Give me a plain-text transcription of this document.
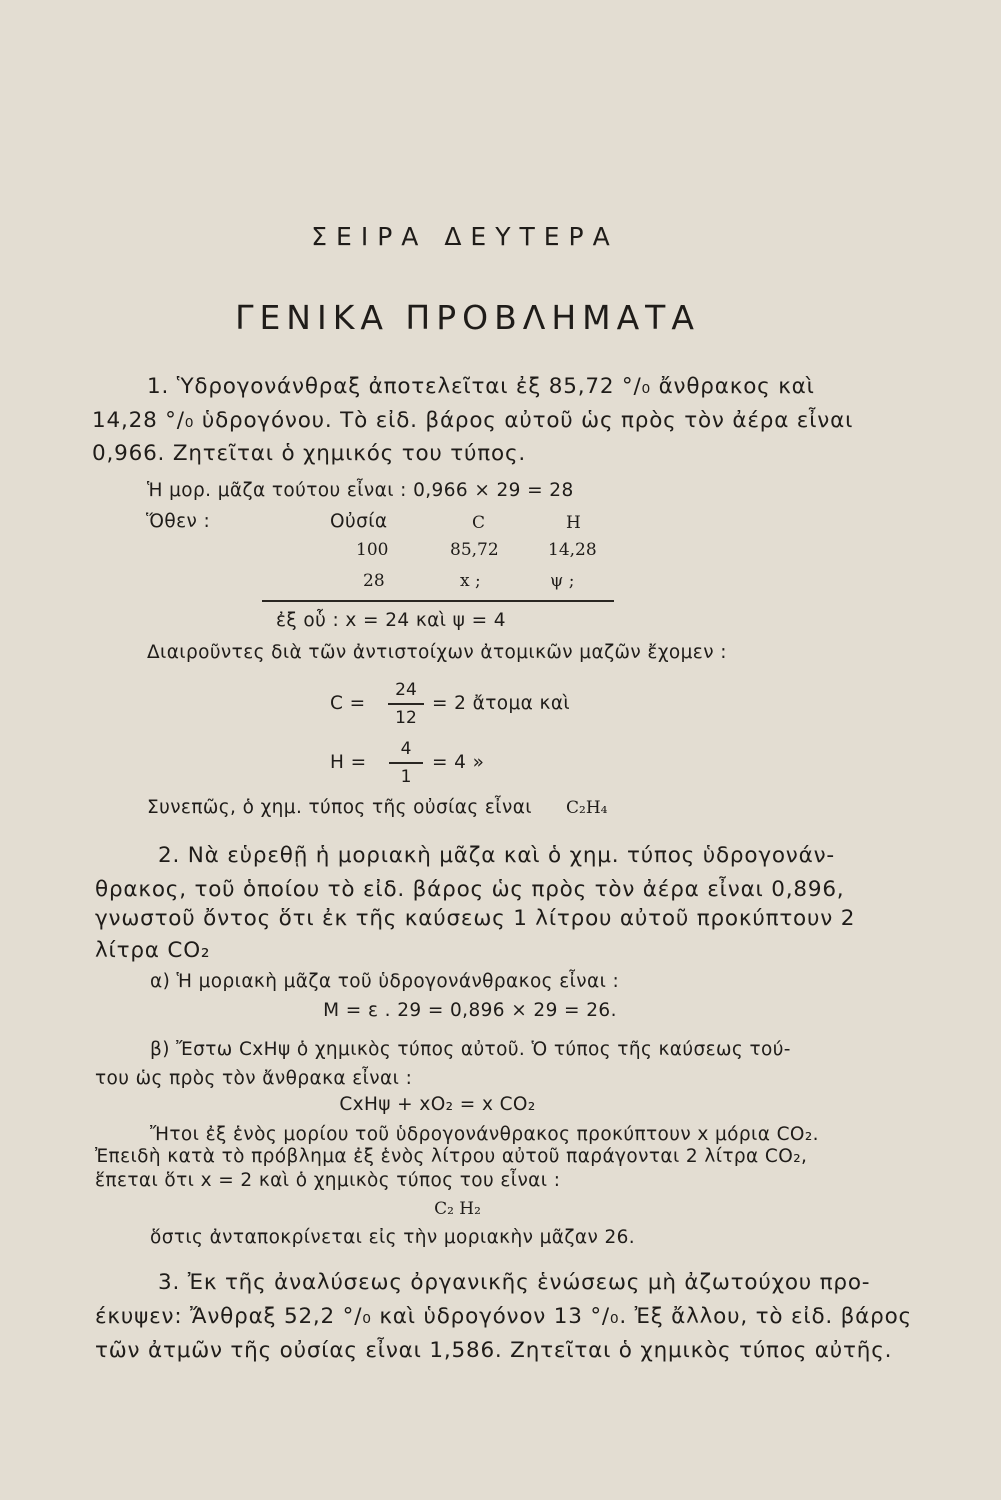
ΣΕΙΡΑ ΔΕΥΤΕΡΑ
ΓΕΝΙΚΑ ΠΡΟΒΛΗΜΑΤΑ
1. Ὑδρογονάνθραξ ἀποτελεῖται ἐξ 85,72 °/₀ ἄνθρακος καὶ
14,28 °/₀ ὑδρογόνου. Τὸ εἰδ. βάρος αὐτοῦ ὡς πρὸς τὸν ἀέρα εἶναι
0,966. Ζητεῖται ὁ χημικός του τύπος.
Ἡ μορ. μᾶζα τούτου εἶναι : 0,966 × 29 = 28
Ὅθεν :	Οὐσία	C	H
100	85,72	14,28
28	x ;	ψ ;
ἐξ οὗ : x = 24 καὶ ψ = 4
Διαιροῦντες διὰ τῶν ἀντιστοίχων ἀτομικῶν μαζῶν ἔχομεν :
C =
24
12
= 2 ἄτομα καὶ
H =
4
1
= 4 »
Συνεπῶς, ὁ χημ. τύπος τῆς οὐσίας εἶναι C₂H₄
2. Νὰ εὑρεθῇ ἡ μοριακὴ μᾶζα καὶ ὁ χημ. τύπος ὑδρογονάν-
θρακος, τοῦ ὁποίου τὸ εἰδ. βάρος ὡς πρὸς τὸν ἀέρα εἶναι 0,896,
γνωστοῦ ὄντος ὅτι ἐκ τῆς καύσεως 1 λίτρου αὐτοῦ προκύπτουν 2
λίτρα CO₂
α) Ἡ μοριακὴ μᾶζα τοῦ ὑδρογονάνθρακος εἶναι :
M = ε . 29 = 0,896 × 29 = 26.
β) Ἔστω CxHψ ὁ χημικὸς τύπος αὐτοῦ. Ὁ τύπος τῆς καύσεως τού-
του ὡς πρὸς τὸν ἄνθρακα εἶναι :
CxHψ + xO₂ = x CO₂
Ἤτοι ἐξ ἑνὸς μορίου τοῦ ὑδρογονάνθρακος προκύπτουν x μόρια CO₂.
Ἐπειδὴ κατὰ τὸ πρόβλημα ἐξ ἑνὸς λίτρου αὐτοῦ παράγονται 2 λίτρα CO₂,
ἕπεται ὅτι x = 2 καὶ ὁ χημικὸς τύπος του εἶναι :
C₂ H₂
ὅστις ἀνταποκρίνεται εἰς τὴν μοριακὴν μᾶζαν 26.
3. Ἐκ τῆς ἀναλύσεως ὀργανικῆς ἑνώσεως μὴ ἀζωτούχου προ-
έκυψεν: Ἄνθραξ 52,2 °/₀ καὶ ὑδρογόνον 13 °/₀. Ἐξ ἄλλου, τὸ εἰδ. βάρος
τῶν ἀτμῶν τῆς οὐσίας εἶναι 1,586. Ζητεῖται ὁ χημικὸς τύπος αὐτῆς.
